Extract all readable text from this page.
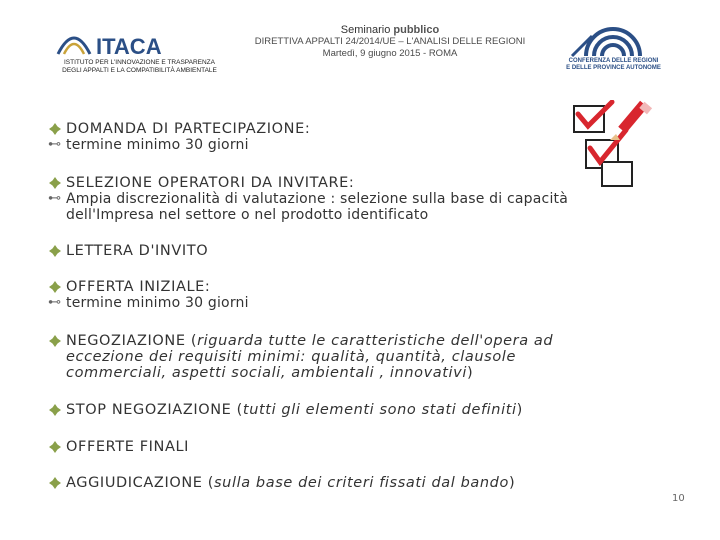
ITACA
ISTITUTO PER L'INNOVAZIONE E TRASPARENZA
DEGLI APPALTI E LA COMPATIBILITÀ AMBIENTALE
Seminario pubblico
DIRETTIVA APPALTI 24/2014/UE – L'ANALISI DELLE REGIONI
Martedì, 9 giugno 2015 - ROMA
CONFERENZA DELLE REGIONI
E DELLE PROVINCE AUTONOME
DOMANDA DI PARTECIPAZIONE:
⊷ termine minimo 30 giorni
SELEZIONE OPERATORI DA INVITARE:
⊷ Ampia discrezionalità di valutazione : selezione sulla base di capacità
dell'Impresa nel settore o nel prodotto identificato
LETTERA D'INVITO
OFFERTA INIZIALE:
⊷ termine minimo 30 giorni
NEGOZIAZIONE (riguarda tutte le caratteristiche dell'opera ad
eccezione dei requisiti minimi: qualità, quantità, clausole
commerciali, aspetti sociali, ambientali , innovativi)
STOP NEGOZIAZIONE (tutti gli elementi sono stati definiti)
OFFERTE FINALI
AGGIUDICAZIONE (sulla base dei criteri fissati dal bando)
10
